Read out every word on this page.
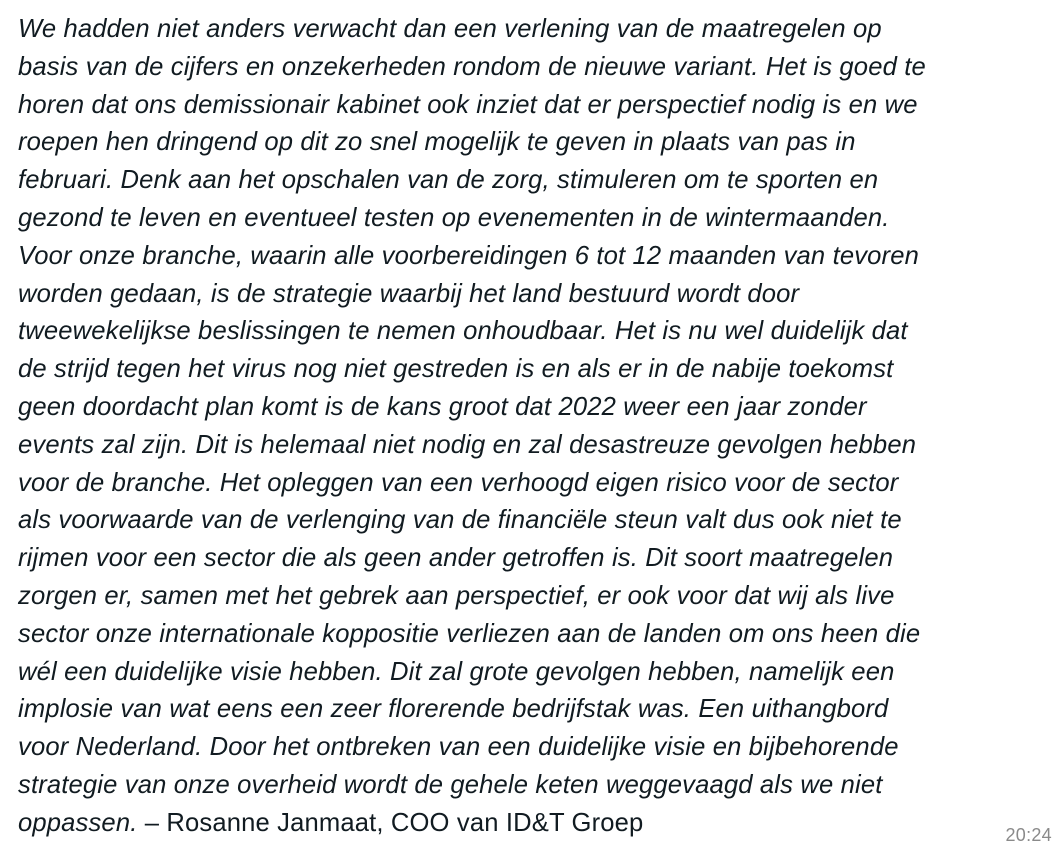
We hadden niet anders verwacht dan een verlening van de maatregelen op
basis van de cijfers en onzekerheden rondom de nieuwe variant. Het is goed te
horen dat ons demissionair kabinet ook inziet dat er perspectief nodig is en we
roepen hen dringend op dit zo snel mogelijk te geven in plaats van pas in
februari. Denk aan het opschalen van de zorg, stimuleren om te sporten en
gezond te leven en eventueel testen op evenementen in de wintermaanden.
Voor onze branche, waarin alle voorbereidingen 6 tot 12 maanden van tevoren
worden gedaan, is de strategie waarbij het land bestuurd wordt door
tweewekelijkse beslissingen te nemen onhoudbaar. Het is nu wel duidelijk dat
de strijd tegen het virus nog niet gestreden is en als er in de nabije toekomst
geen doordacht plan komt is de kans groot dat 2022 weer een jaar zonder
events zal zijn. Dit is helemaal niet nodig en zal desastreuze gevolgen hebben
voor de branche. Het opleggen van een verhoogd eigen risico voor de sector
als voorwaarde van de verlenging van de financiële steun valt dus ook niet te
rijmen voor een sector die als geen ander getroffen is. Dit soort maatregelen
zorgen er, samen met het gebrek aan perspectief, er ook voor dat wij als live
sector onze internationale koppositie verliezen aan de landen om ons heen die
wél een duidelijke visie hebben. Dit zal grote gevolgen hebben, namelijk een
implosie van wat eens een zeer florerende bedrijfstak was. Een uithangbord
voor Nederland. Door het ontbreken van een duidelijke visie en bijbehorende
strategie van onze overheid wordt de gehele keten weggevaagd als we niet
oppassen. – Rosanne Janmaat, COO van ID&T Groep	20:24
